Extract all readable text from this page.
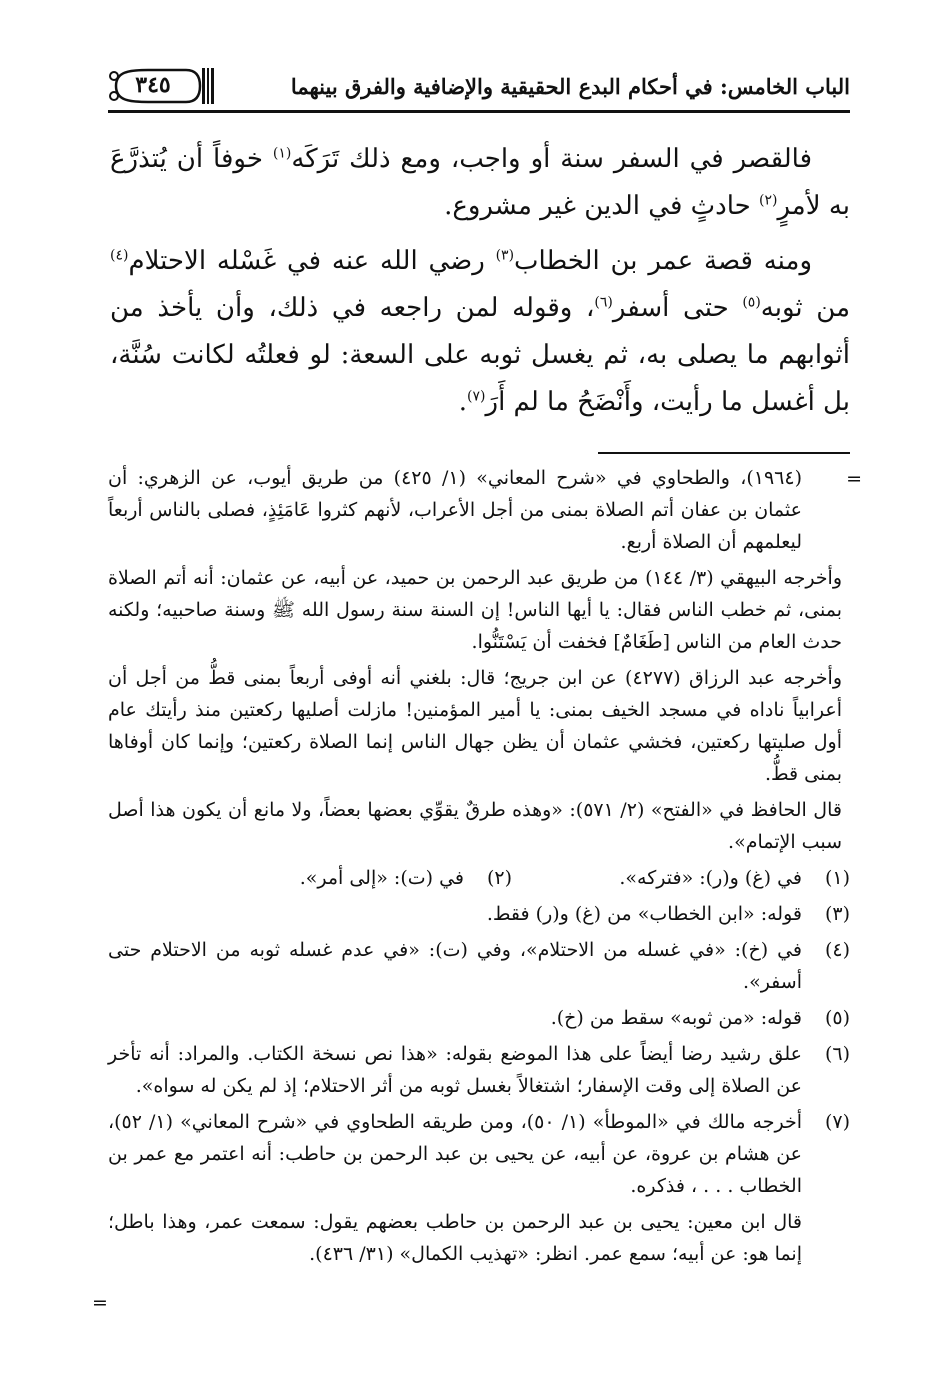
الباب الخامس: في أحكام البدع الحقيقية والإضافية والفرق بينهما
٣٤٥

فالقصر في السفر سنة أو واجب، ومع ذلك تَرَكَه$^{(١)}$ خوفاً أن يُتذرَّعَ به لأمرٍ$^{(٢)}$ حادثٍ في الدين غير مشروع.

ومنه قصة عمر بن الخطاب$^{(٣)}$ رضي الله عنه في غَسْله الاحتلام$^{(٤)}$ من ثوبه$^{(٥)}$ حتى أسفر$^{(٦)}$، وقوله لمن راجعه في ذلك، وأن يأخذ من أثوابهم ما يصلى به، ثم يغسل ثوبه على السعة: لو فعلتُه لكانت سُنَّة، بل أغسل ما رأيت، وأَنْضَحُ ما لم أَرَ$^{(٧)}$.

=
(١٩٦٤)، والطحاوي في «شرح المعاني» (١/ ٤٢٥) من طريق أيوب، عن الزهري: أن عثمان بن عفان أتم الصلاة بمنى من أجل الأعراب، لأنهم كثروا عَامَئِذٍ، فصلى بالناس أربعاً ليعلمهم أن الصلاة أربع.
وأخرجه البيهقي (٣/ ١٤٤) من طريق عبد الرحمن بن حميد، عن أبيه، عن عثمان: أنه أتم الصلاة بمنى، ثم خطب الناس فقال: يا أيها الناس! إن السنة سنة رسول الله ﷺ وسنة صاحبيه؛ ولكنه حدث العام من الناس [طَغَامٌ] فخفت أن يَسْتَنُّوا.
وأخرجه عبد الرزاق (٤٢٧٧) عن ابن جريج؛ قال: بلغني أنه أوفى أربعاً بمنى قطُّ من أجل أن أعرابياً ناداه في مسجد الخيف بمنى: يا أمير المؤمنين! مازلت أصليها ركعتين منذ رأيتك عام أول صليتها ركعتين، فخشي عثمان أن يظن جهال الناس إنما الصلاة ركعتين؛ وإنما كان أوفاها بمنى قطُّ.
قال الحافظ في «الفتح» (٢/ ٥٧١): «وهذه طرقٌ يقوِّي بعضها بعضاً، ولا مانع أن يكون هذا أصل سبب الإتمام».
(١)
في (غ) و(ر): «فتركه».
(٢)
في (ت): «إلى أمر».
(٣)
قوله: «ابن الخطاب» من (غ) و(ر) فقط.
(٤)
في (خ): «في غسله من الاحتلام»، وفي (ت): «في عدم غسله ثوبه من الاحتلام حتى أسفر».
(٥)
قوله: «من ثوبه» سقط من (خ).
(٦)
علق رشيد رضا أيضاً على هذا الموضع بقوله: «هذا نص نسخة الكتاب. والمراد: أنه تأخر عن الصلاة إلى وقت الإسفار؛ اشتغالاً بغسل ثوبه من أثر الاحتلام؛ إذ لم يكن له سواه».
(٧)
أخرجه مالك في «الموطأ» (١/ ٥٠)، ومن طريقه الطحاوي في «شرح المعاني» (١/ ٥٢)، عن هشام بن عروة، عن أبيه، عن يحيى بن عبد الرحمن بن حاطب: أنه اعتمر مع عمر بن الخطاب . . . ، فذكره.
قال ابن معين: يحيى بن عبد الرحمن بن حاطب بعضهم يقول: سمعت عمر، وهذا باطل؛ إنما هو: عن أبيه؛ سمع عمر. انظر: «تهذيب الكمال» (٣١/ ٤٣٦).
=
